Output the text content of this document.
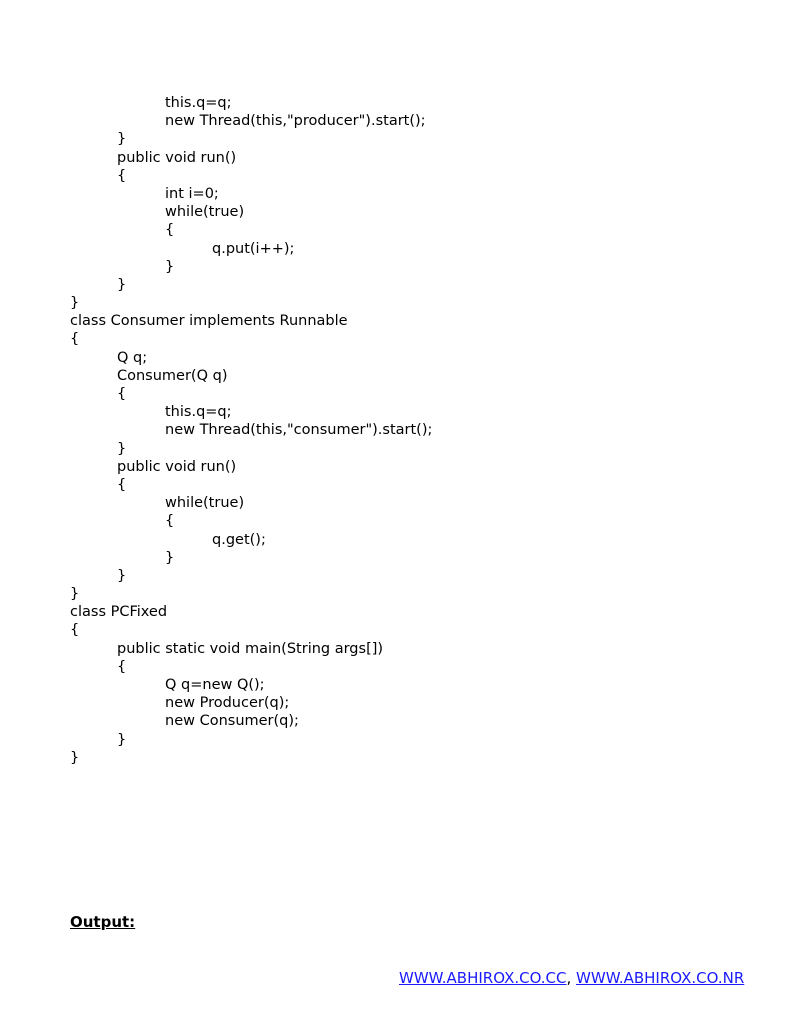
this.q=q;
new Thread(this,"producer").start();
}
public void run()
{
int i=0;
while(true)
{
q.put(i++);
}
}
}
class Consumer implements Runnable
{
Q q;
Consumer(Q q)
{
this.q=q;
new Thread(this,"consumer").start();
}
public void run()
{
while(true)
{
q.get();
}
}
}
class PCFixed
{
public static void main(String args[])
{
Q q=new Q();
new Producer(q);
new Consumer(q);
}
}
Output:
WWW.ABHIROX.CO.CC, WWW.ABHIROX.CO.NR
